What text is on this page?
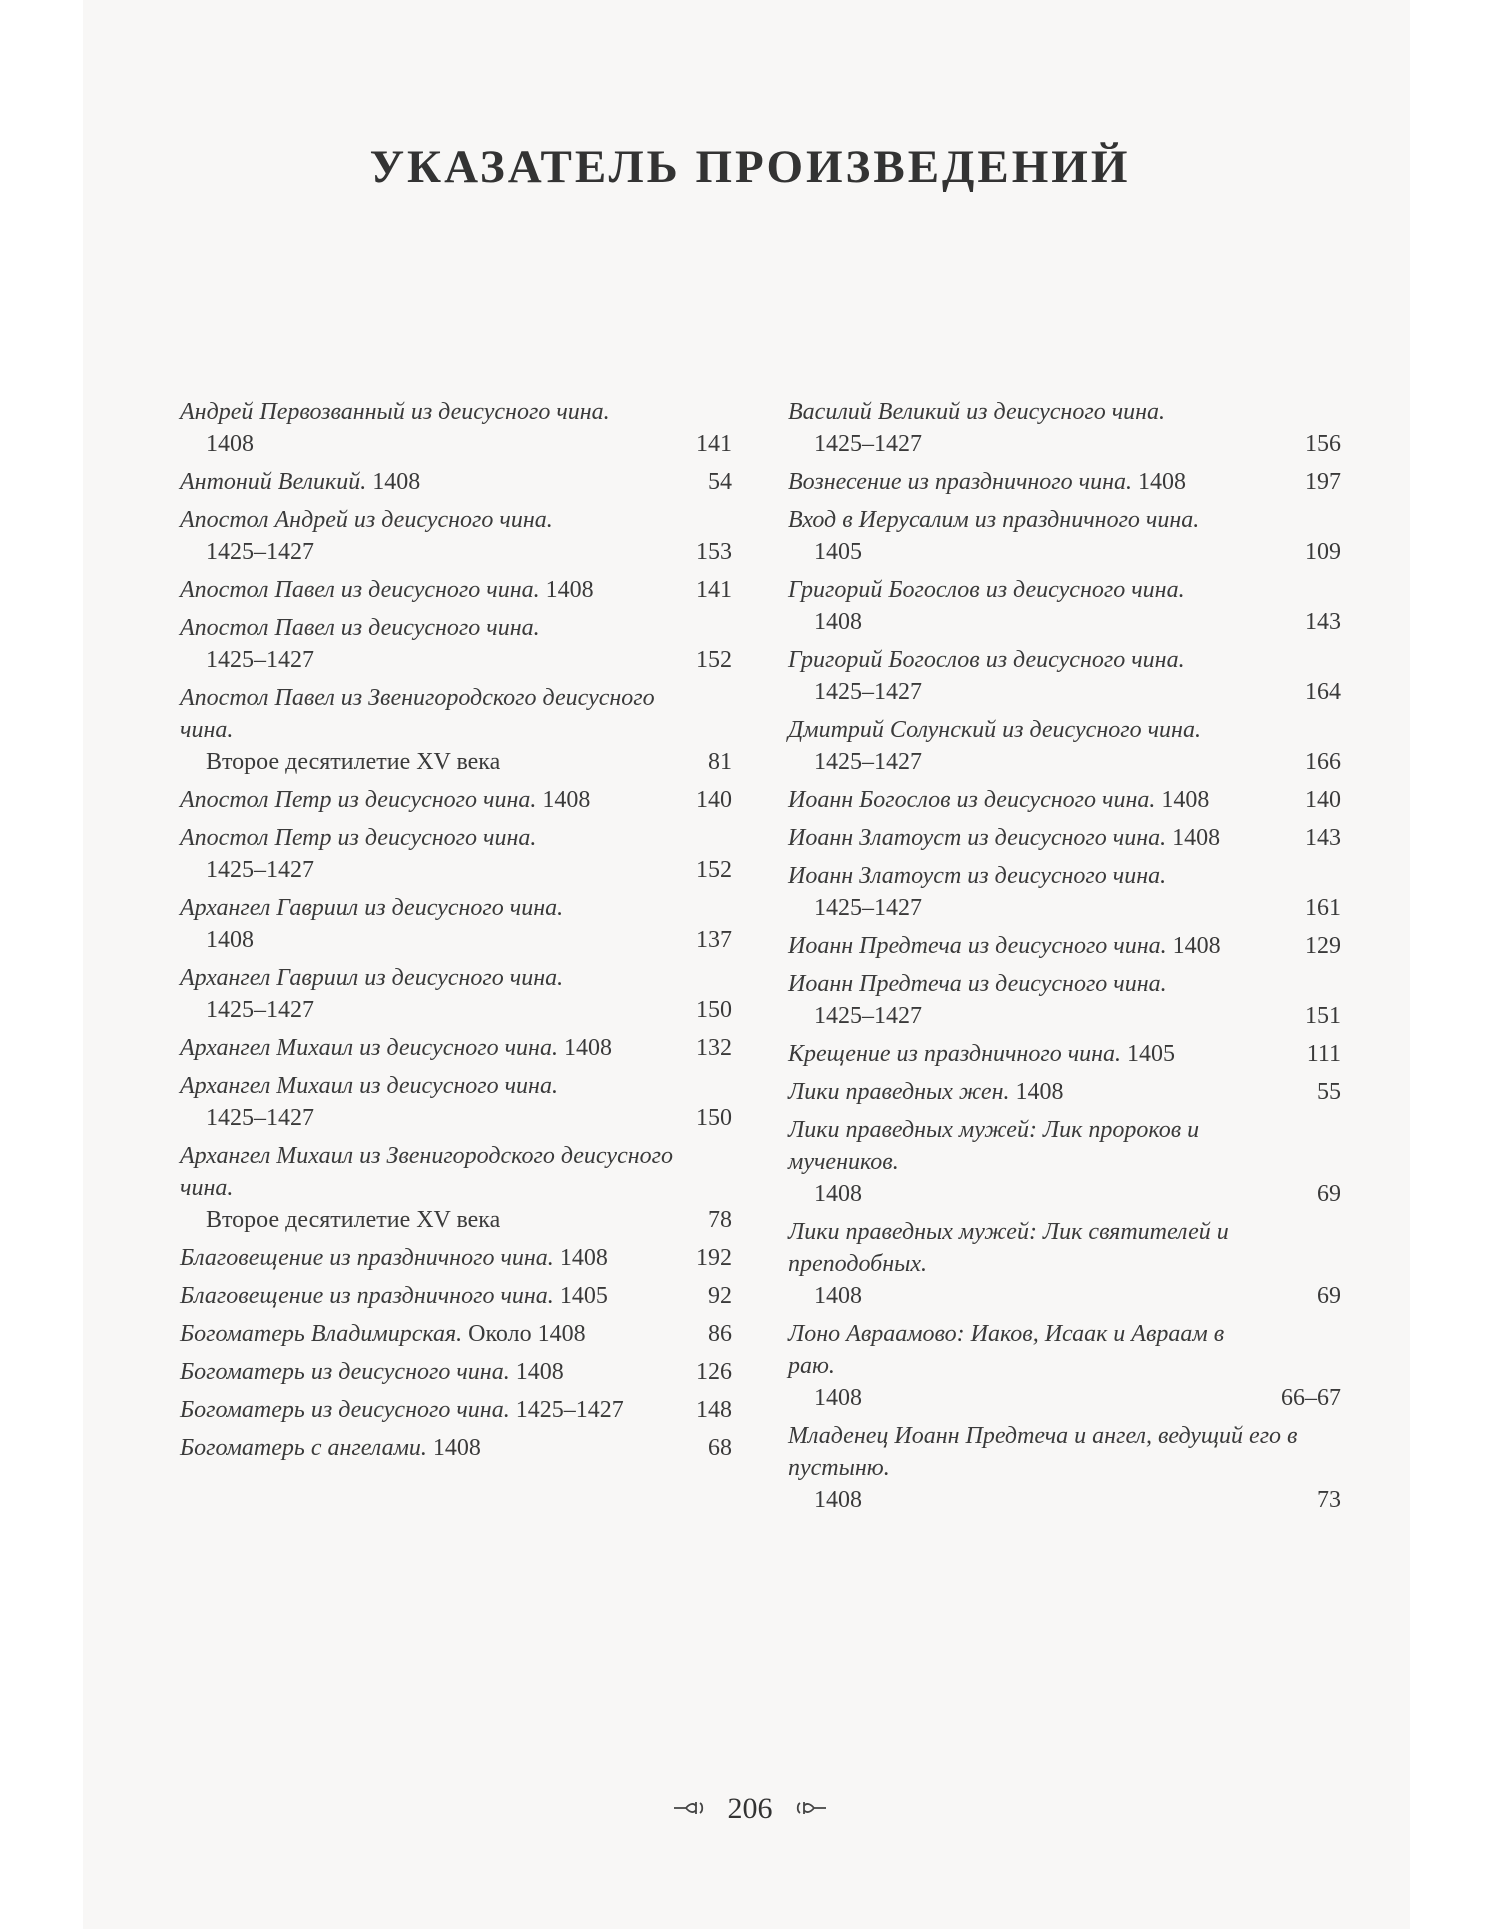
УКАЗАТЕЛЬ ПРОИЗВЕДЕНИЙ
Андрей Первозванный из деисусного чина.
1408	141
Антоний Великий. 1408	54
Апостол Андрей из деисусного чина.
1425–1427	153
Апостол Павел из деисусного чина. 1408	141
Апостол Павел из деисусного чина.
1425–1427	152
Апостол Павел из Звенигородского деисусного чина.
Второе десятилетие XV века	81
Апостол Петр из деисусного чина. 1408	140
Апостол Петр из деисусного чина.
1425–1427	152
Архангел Гавриил из деисусного чина.
1408	137
Архангел Гавриил из деисусного чина.
1425–1427	150
Архангел Михаил из деисусного чина. 1408	132
Архангел Михаил из деисусного чина.
1425–1427	150
Архангел Михаил из Звенигородского деисусного чина.
Второе десятилетие XV века	78
Благовещение из праздничного чина. 1408	192
Благовещение из праздничного чина. 1405	92
Богоматерь Владимирская. Около 1408	86
Богоматерь из деисусного чина. 1408	126
Богоматерь из деисусного чина. 1425–1427	148
Богоматерь с ангелами. 1408	68
Василий Великий из деисусного чина.
1425–1427	156
Вознесение из праздничного чина. 1408	197
Вход в Иерусалим из праздничного чина.
1405	109
Григорий Богослов из деисусного чина.
1408	143
Григорий Богослов из деисусного чина.
1425–1427	164
Дмитрий Солунский из деисусного чина.
1425–1427	166
Иоанн Богослов из деисусного чина. 1408	140
Иоанн Златоуст из деисусного чина. 1408	143
Иоанн Златоуст из деисусного чина.
1425–1427	161
Иоанн Предтеча из деисусного чина. 1408	129
Иоанн Предтеча из деисусного чина.
1425–1427	151
Крещение из праздничного чина. 1405	111
Лики праведных жен. 1408	55
Лики праведных мужей: Лик пророков и мучеников.
1408	69
Лики праведных мужей: Лик святителей и преподобных.
1408	69
Лоно Авраамово: Иаков, Исаак и Авраам в раю.
1408	66–67
Младенец Иоанн Предтеча и ангел, ведущий его в пустыню.
1408	73
206
